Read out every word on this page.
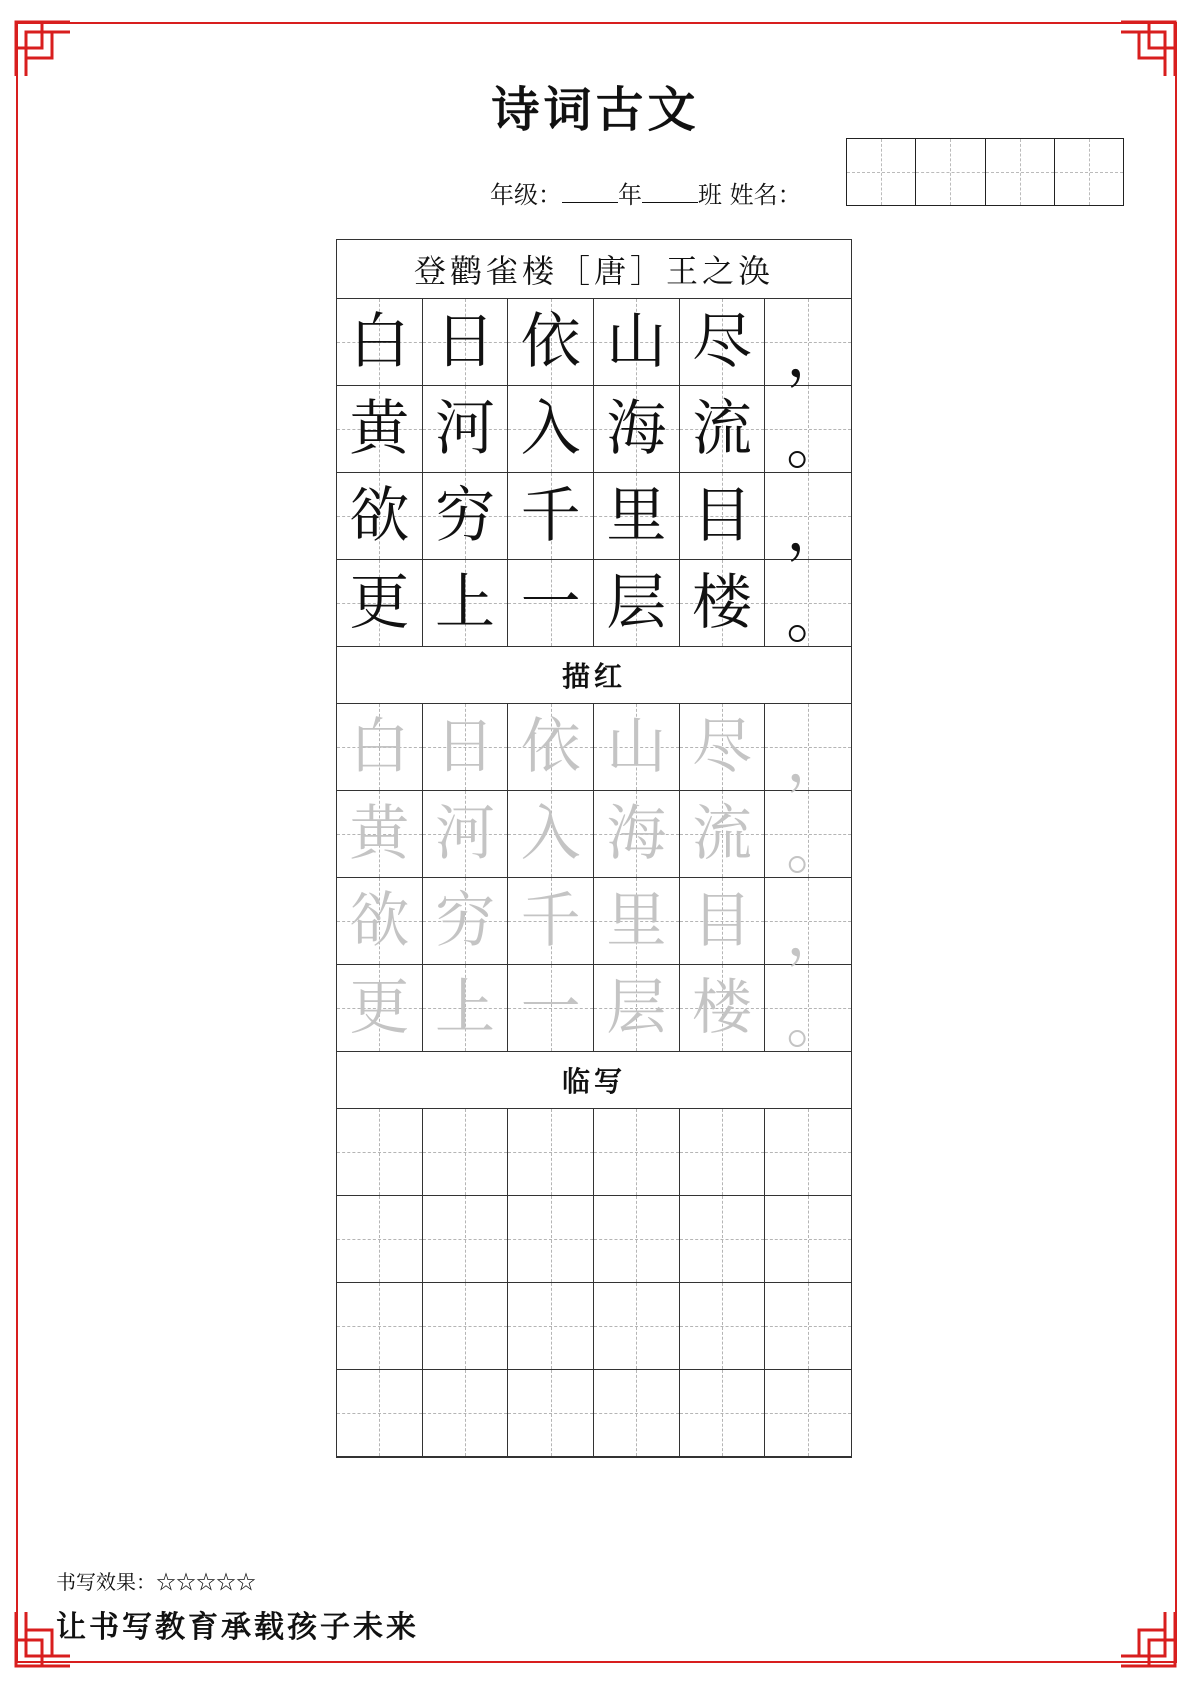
诗词古文
年级： 年 班 姓名：
登鹳雀楼［唐］王之涣
白 日 依 山 尽 ，
黄 河 入 海 流 。
欲 穷 千 里 目 ，
更 上 一 层 楼 。
描红
白 日 依 山 尽 ，
黄 河 入 海 流 。
欲 穷 千 里 目 ，
更 上 一 层 楼 。
临写
书写效果：☆☆☆☆☆
让书写教育承载孩子未来
